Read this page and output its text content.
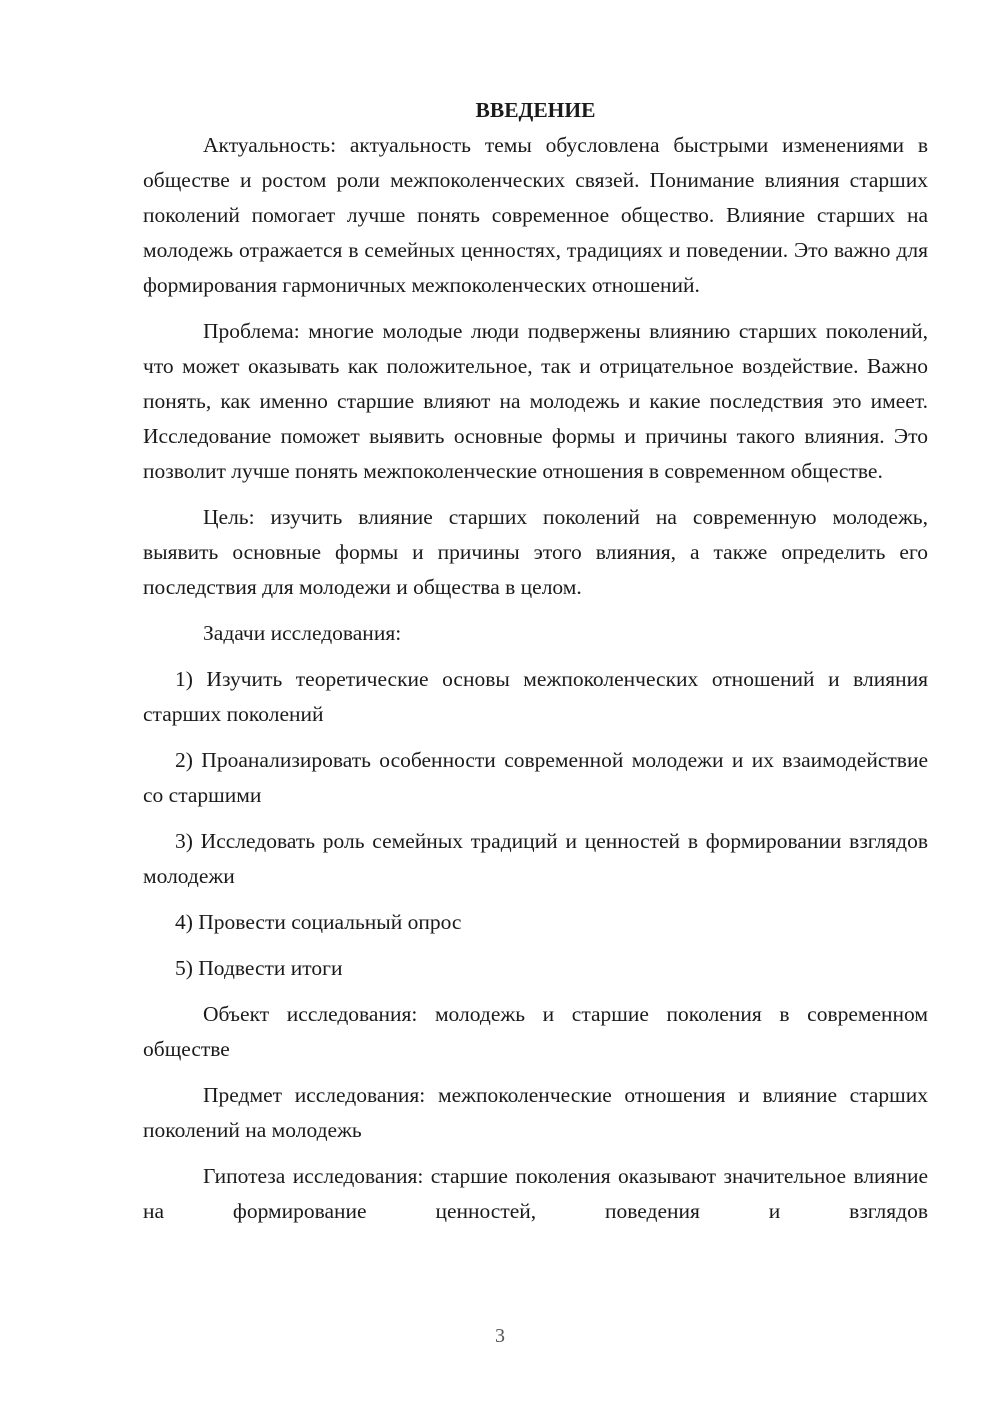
ВВЕДЕНИЕ

Актуальность: актуальность темы обусловлена быстрыми изменениями в обществе и ростом роли межпоколенческих связей. Понимание влияния старших поколений помогает лучше понять современное общество. Влияние старших на молодежь отражается в семейных ценностях, традициях и поведении. Это важно для формирования гармоничных межпоколенческих отношений.

Проблема: многие молодые люди подвержены влиянию старших поколений, что может оказывать как положительное, так и отрицательное воздействие. Важно понять, как именно старшие влияют на молодежь и какие последствия это имеет. Исследование поможет выявить основные формы и причины такого влияния. Это позволит лучше понять межпоколенческие отношения в современном обществе.

Цель: изучить влияние старших поколений на современную молодежь, выявить основные формы и причины этого влияния, а также определить его последствия для молодежи и общества в целом.

Задачи исследования:

1) Изучить теоретические основы межпоколенческих отношений и влияния старших поколений

2) Проанализировать особенности современной молодежи и их взаимодействие со старшими

3) Исследовать роль семейных традиций и ценностей в формировании взглядов молодежи

4) Провести социальный опрос

5) Подвести итоги

Объект исследования: молодежь и старшие поколения в современном обществе

Предмет исследования: межпоколенческие отношения и влияние старших поколений на молодежь

Гипотеза исследования: старшие поколения оказывают значительное влияние на формирование ценностей, поведения и взглядов

3
